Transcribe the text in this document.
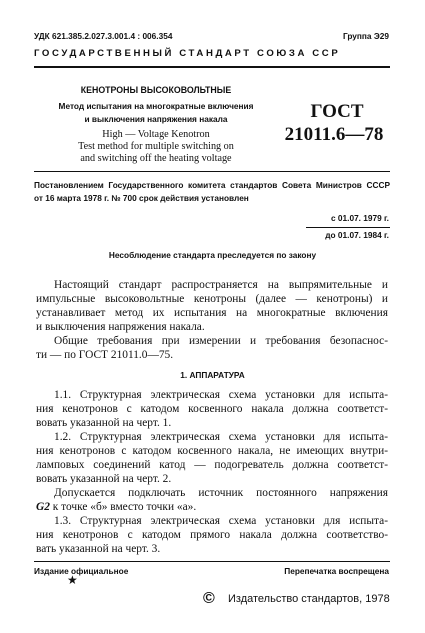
УДК 621.385.2.027.3.001.4 : 006.354	Группа Э29
ГОСУДАРСТВЕННЫЙ СТАНДАРТ СОЮЗА ССР
КЕНОТРОНЫ ВЫСОКОВОЛЬТНЫЕ
Метод испытания на многократные включения
и выключения напряжения накала
High — Voltage Kenotron
Test method for multiple switching on
and switching off the heating voltage
ГОСТ
21011.6—78
Постановлением Государственного комитета стандартов Совета Министров СССР
от 16 марта 1978 г. № 700 срок действия установлен
с 01.07. 1979 г.
до 01.07. 1984 г.
Несоблюдение стандарта преследуется по закону
Настоящий стандарт распространяется на выпрямительные и
импульсные высоковольтные кенотроны (далее — кенотроны) и
устанавливает метод их испытания на многократные включения
и выключения напряжения накала.
Общие требования при измерении и требования безопаснос-
ти — по ГОСТ 21011.0—75.
1. АППАРАТУРА
1.1. Структурная электрическая схема установки для испыта-
ния кенотронов с катодом косвенного накала должна соответст-
вовать указанной на черт. 1.
1.2. Структурная электрическая схема установки для испыта-
ния кенотронов с катодом косвенного накала, не имеющих внутри-
ламповых соединений катод — подогреватель должна соответст-
вовать указанной на черт. 2.
Допускается подключать источник постоянного напряжения
G2 к точке «б» вместо точки «а».
1.3. Структурная электрическая схема установки для испыта-
ния кенотронов с катодом прямого накала должна соответство-
вать указанной на черт. 3.
Издание официальное	Перепечатка воспрещена
★
© Издательство стандартов, 1978
